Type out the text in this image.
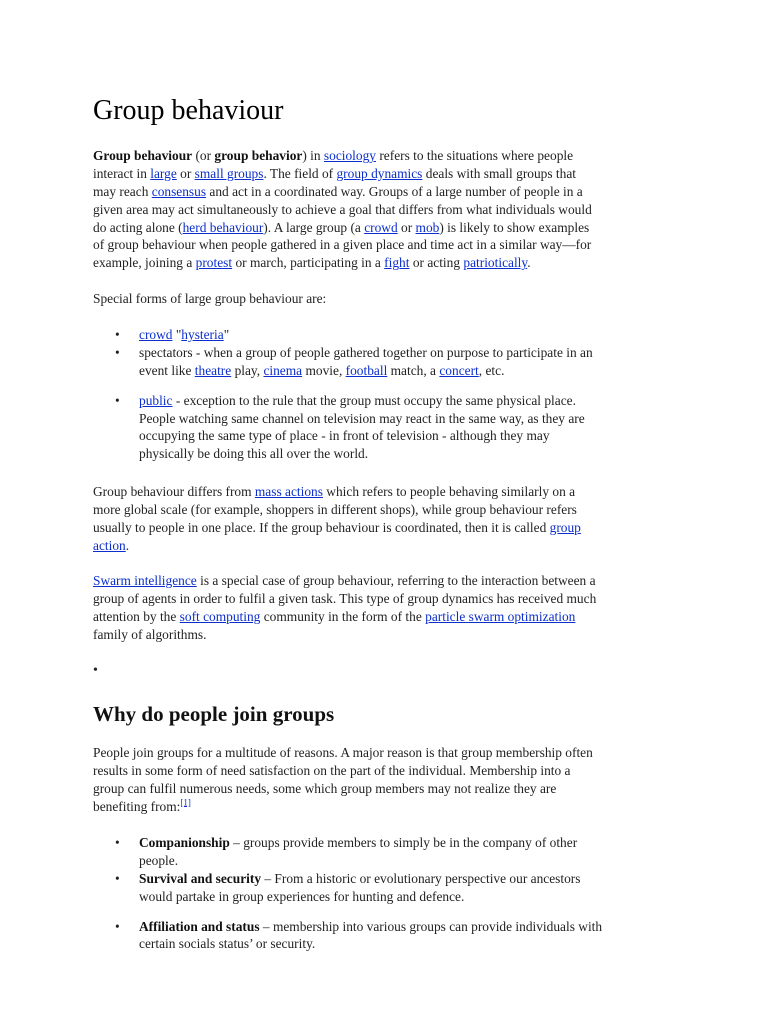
Group behaviour

Group behaviour (or group behavior) in sociology refers to the situations where people
interact in large or small groups. The field of group dynamics deals with small groups that
may reach consensus and act in a coordinated way. Groups of a large number of people in a
given area may act simultaneously to achieve a goal that differs from what individuals would
do acting alone (herd behaviour). A large group (a crowd or mob) is likely to show examples
of group behaviour when people gathered in a given place and time act in a similar way—for
example, joining a protest or march, participating in a fight or acting patriotically.

Special forms of large group behaviour are:

• crowd "hysteria"
• spectators - when a group of people gathered together on purpose to participate in an
event like theatre play, cinema movie, football match, a concert, etc.
• public - exception to the rule that the group must occupy the same physical place.
People watching same channel on television may react in the same way, as they are
occupying the same type of place - in front of television - although they may
physically be doing this all over the world.

Group behaviour differs from mass actions which refers to people behaving similarly on a
more global scale (for example, shoppers in different shops), while group behaviour refers
usually to people in one place. If the group behaviour is coordinated, then it is called group
action.

Swarm intelligence is a special case of group behaviour, referring to the interaction between a
group of agents in order to fulfil a given task. This type of group dynamics has received much
attention by the soft computing community in the form of the particle swarm optimization
family of algorithms.

•
Why do people join groups

People join groups for a multitude of reasons. A major reason is that group membership often
results in some form of need satisfaction on the part of the individual. Membership into a
group can fulfil numerous needs, some which group members may not realize they are
benefiting from:[1]

• Companionship – groups provide members to simply be in the company of other
people.
• Survival and security – From a historic or evolutionary perspective our ancestors
would partake in group experiences for hunting and defence.
• Affiliation and status – membership into various groups can provide individuals with
certain socials status’ or security.
